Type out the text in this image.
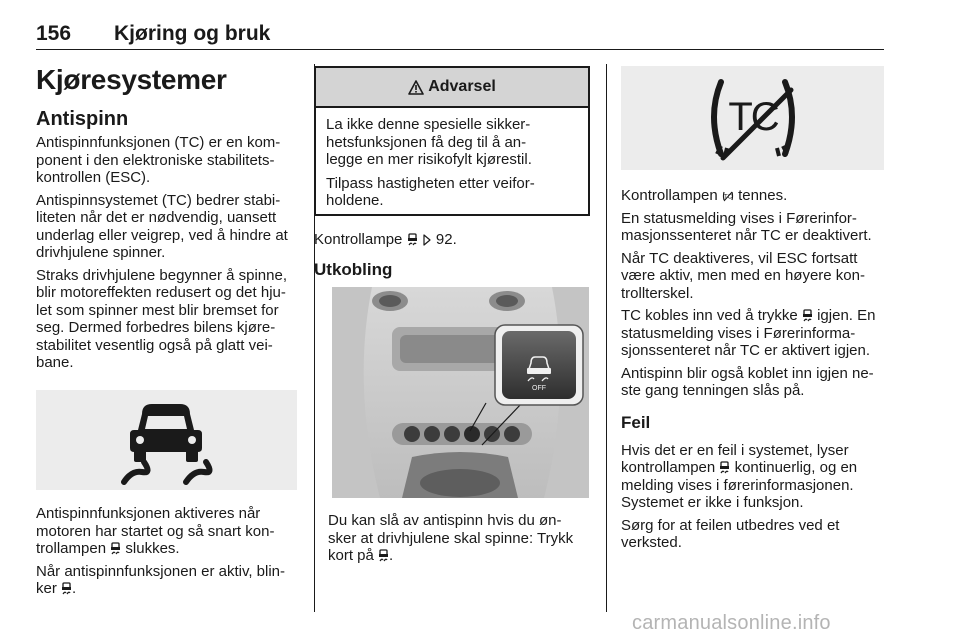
156 Kjøring og bruk
Kjøresystemer
Antispinn

Antispinnfunksjonen (TC) er en kom-
ponent i den elektroniske stabilitets-
kontrollen (ESC).

Antispinnsystemet (TC) bedrer stabi-
liteten når det er nødvendig, uansett
underlag eller veigrep, ved å hindre at
drivhjulene spinner.

Straks drivhjulene begynner å spinne,
blir motoreffekten redusert og det hju-
let som spinner mest blir bremset for
seg. Dermed forbedres bilens kjøre-
stabilitet vesentlig også på glatt vei-
bane.

Antispinnfunksjonen aktiveres når
motoren har startet og så snart kon-
trollampen slukkes.

Når antispinnfunksjonen er aktiv, blin-
ker .

Advarsel

La ikke denne spesielle sikker-
hetsfunksjonen få deg til å an-
legge en mer risikofylt kjørestil.

Tilpass hastigheten etter veifor-
holdene.

Kontrollampe 92.

Utkobling
OFF

Du kan slå av antispinn hvis du øn-
sker at drivhjulene skal spinne: Trykk
kort på .

TC

Kontrollampen TC tennes.

En statusmelding vises i Førerinfor-
masjonssenteret når TC er deaktivert.

Når TC deaktiveres, vil ESC fortsatt
være aktiv, men med en høyere kon-
trollterskel.

TC kobles inn ved å trykke igjen. En
statusmelding vises i Førerinforma-
sjonssenteret når TC er aktivert igjen.

Antispinn blir også koblet inn igjen ne-
ste gang tenningen slås på.

Feil

Hvis det er en feil i systemet, lyser
kontrollampen kontinuerlig, og en
melding vises i førerinformasjonen.
Systemet er ikke i funksjon.

Sørg for at feilen utbedres ved et
verksted.

carmanualsonline.info
